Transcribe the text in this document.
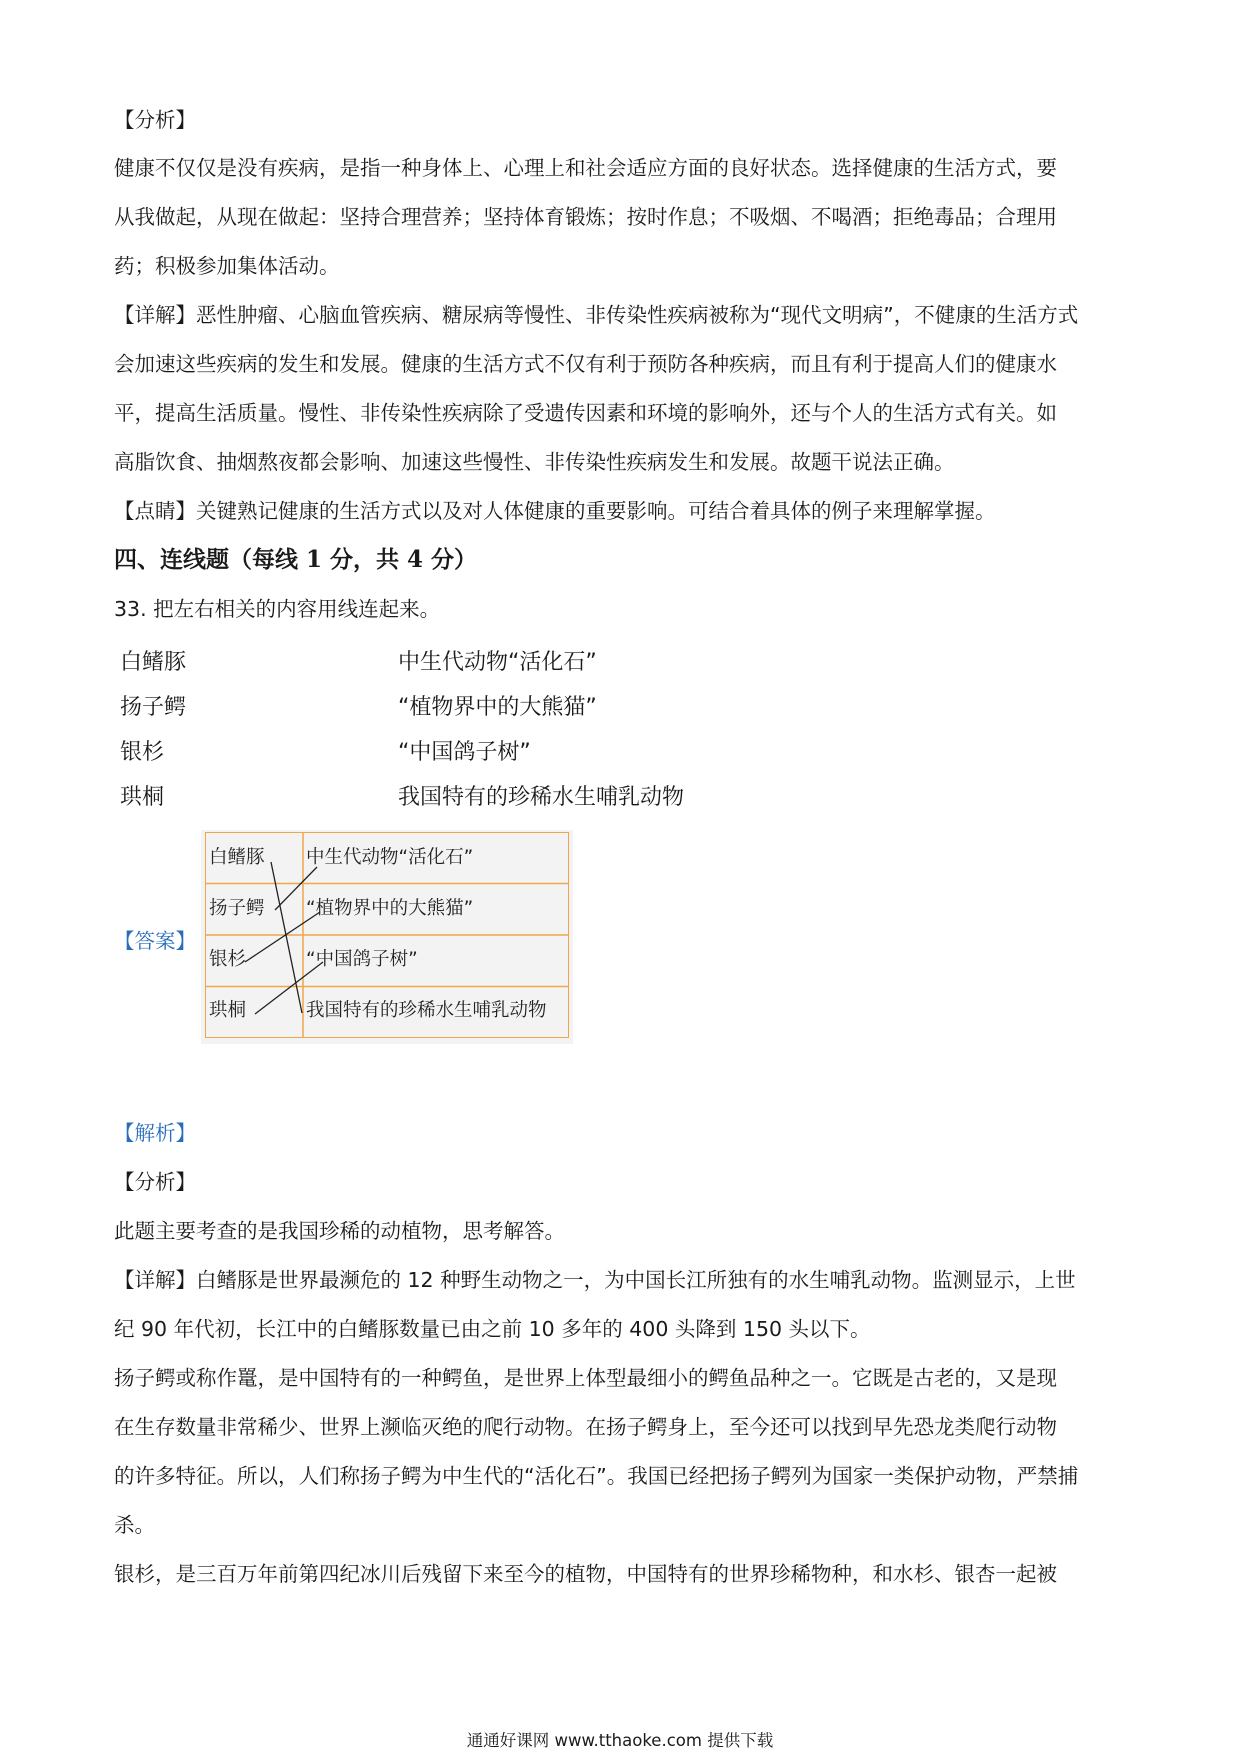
【分析】
健康不仅仅是没有疾病，是指一种身体上、心理上和社会适应方面的良好状态。选择健康的生活方式，要
从我做起，从现在做起：坚持合理营养；坚持体育锻炼；按时作息；不吸烟、不喝酒；拒绝毒品；合理用
药；积极参加集体活动。
【详解】恶性肿瘤、心脑血管疾病、糖尿病等慢性、非传染性疾病被称为“现代文明病”，不健康的生活方式
会加速这些疾病的发生和发展。健康的生活方式不仅有利于预防各种疾病，而且有利于提高人们的健康水
平，提高生活质量。慢性、非传染性疾病除了受遗传因素和环境的影响外，还与个人的生活方式有关。如
高脂饮食、抽烟熬夜都会影响、加速这些慢性、非传染性疾病发生和发展。故题干说法正确。
【点睛】关键熟记健康的生活方式以及对人体健康的重要影响。可结合着具体的例子来理解掌握。
四、连线题（每线 1 分，共 4 分）
33. 把左右相关的内容用线连起来。
白鳍豚
扬子鳄
银杉
珙桐
中生代动物“活化石”
“植物界中的大熊猫”
“中国鸽子树”
我国特有的珍稀水生哺乳动物
【答案】
白鳍豚
扬子鳄
银杉
珙桐
中生代动物“活化石”
“植物界中的大熊猫”
“中国鸽子树”
我国特有的珍稀水生哺乳动物
【解析】
【分析】
此题主要考查的是我国珍稀的动植物，思考解答。
【详解】白鳍豚是世界最濒危的 12 种野生动物之一，为中国长江所独有的水生哺乳动物。监测显示，上世
纪 90 年代初，长江中的白鳍豚数量已由之前 10 多年的 400 头降到 150 头以下。
扬子鳄或称作鼍，是中国特有的一种鳄鱼，是世界上体型最细小的鳄鱼品种之一。它既是古老的，又是现
在生存数量非常稀少、世界上濒临灭绝的爬行动物。在扬子鳄身上，至今还可以找到早先恐龙类爬行动物
的许多特征。所以，人们称扬子鳄为中生代的“活化石”。我国已经把扬子鳄列为国家一类保护动物，严禁捕
杀。
银杉，是三百万年前第四纪冰川后残留下来至今的植物，中国特有的世界珍稀物种，和水杉、银杏一起被
通通好课网 www.tthaoke.com 提供下载
